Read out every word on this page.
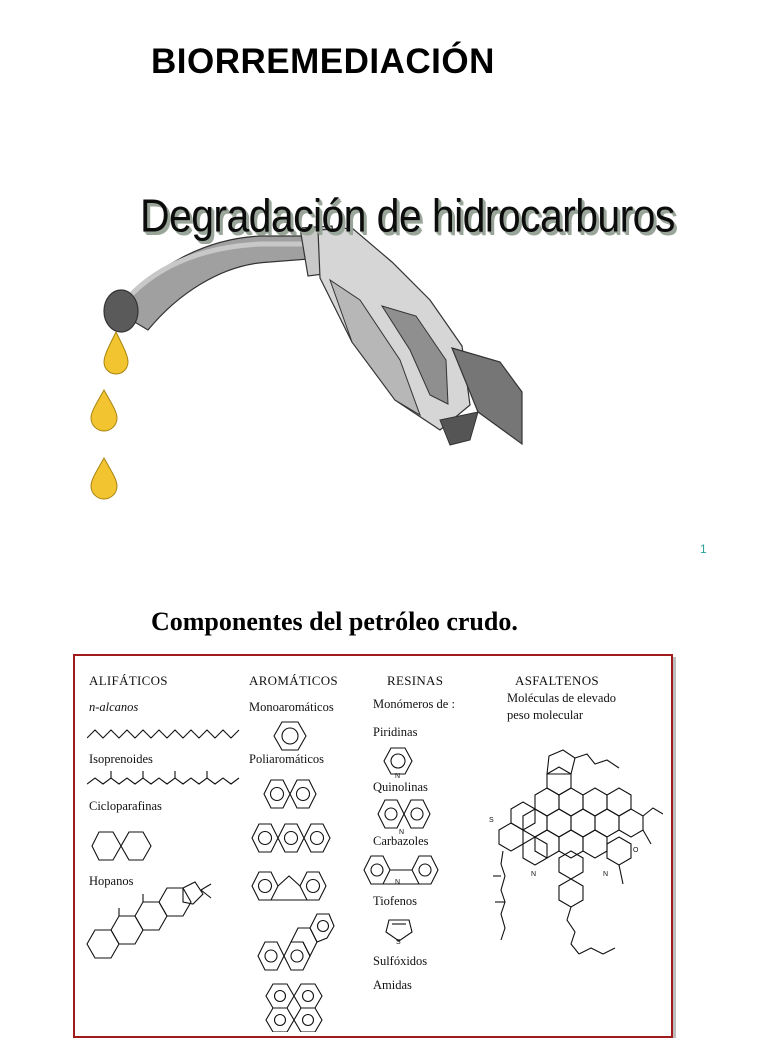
BIORREMEDIACIÓN
Degradación de hidrocarburos
1
Componentes del petróleo crudo.
ALIFÁTICOS	AROMÁTICOS	RESINAS	ASFALTENOS
n-alcanos
Isoprenoides
Cicloparafinas
Hopanos
Monoaromáticos
Poliaromáticos
Monómeros de :
Piridinas
N
Quinolinas
N
Carbazoles
N
Tiofenos
S
Sulfóxidos
Amidas
Moléculas de elevado
peso molecular
S
N	N
O
